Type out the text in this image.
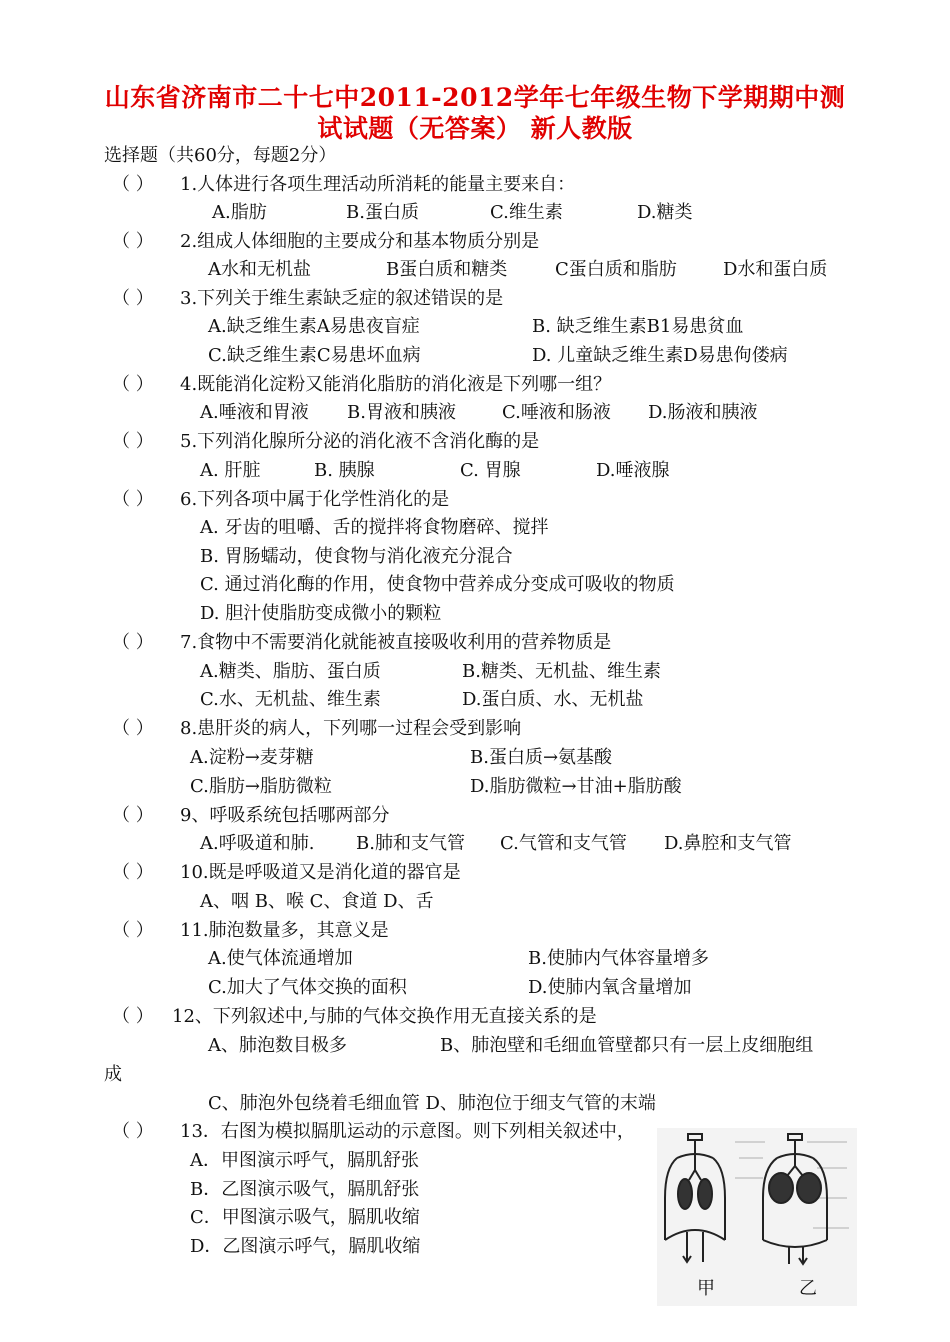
山东省济南市二十七中2011-2012学年七年级生物下学期期中测
试试题（无答案） 新人教版
选择题（共60分，每题2分）
（ ） 1.人体进行各项生理活动所消耗的能量主要来自：
A.脂肪	B.蛋白质	C.维生素	D.糖类
（ ） 2.组成人体细胞的主要成分和基本物质分别是
A水和无机盐	B蛋白质和糖类	C蛋白质和脂肪	D水和蛋白质
（ ） 3.下列关于维生素缺乏症的叙述错误的是
A.缺乏维生素A易患夜盲症	B. 缺乏维生素B1易患贫血
C.缺乏维生素C易患坏血病	D. 儿童缺乏维生素D易患佝偻病
（ ） 4.既能消化淀粉又能消化脂肪的消化液是下列哪一组？
A.唾液和胃液 B.胃液和胰液	C.唾液和肠液 D.肠液和胰液
（ ） 5.下列消化腺所分泌的消化液不含消化酶的是
A. 肝脏	B. 胰腺	C. 胃腺	D.唾液腺
（ ） 6.下列各项中属于化学性消化的是
A. 牙齿的咀嚼、舌的搅拌将食物磨碎、搅拌
B. 胃肠蠕动，使食物与消化液充分混合
C. 通过消化酶的作用，使食物中营养成分变成可吸收的物质
D. 胆汁使脂肪变成微小的颗粒
（ ） 7.食物中不需要消化就能被直接吸收利用的营养物质是
A.糖类、脂肪、蛋白质	B.糖类、无机盐、维生素
C.水、无机盐、维生素	D.蛋白质、水、无机盐
（ ） 8.患肝炎的病人，下列哪一过程会受到影响
A.淀粉→麦芽糖	B.蛋白质→氨基酸
C.脂肪→脂肪微粒	D.脂肪微粒→甘油+脂肪酸
（ ） 9、呼吸系统包括哪两部分
A.呼吸道和肺. B.肺和支气管 C.气管和支气管 D.鼻腔和支气管
（ ） 10.既是呼吸道又是消化道的器官是
A、咽 B、喉 C、食道 D、舌
（ ） 11.肺泡数量多，其意义是
A.使气体流通增加	B.使肺内气体容量增多
C.加大了气体交换的面积	D.使肺内氧含量增加
（ ） 12、下列叙述中,与肺的气体交换作用无直接关系的是
A、肺泡数目极多	B、肺泡壁和毛细血管壁都只有一层上皮细胞组
成
C、肺泡外包绕着毛细血管 D、肺泡位于细支气管的末端
（ ） 13．右图为模拟膈肌运动的示意图。则下列相关叙述中，
A．甲图演示呼气，膈肌舒张
B．乙图演示吸气，膈肌舒张
C．甲图演示吸气，膈肌收缩
D．乙图演示呼气，膈肌收缩
甲	乙
